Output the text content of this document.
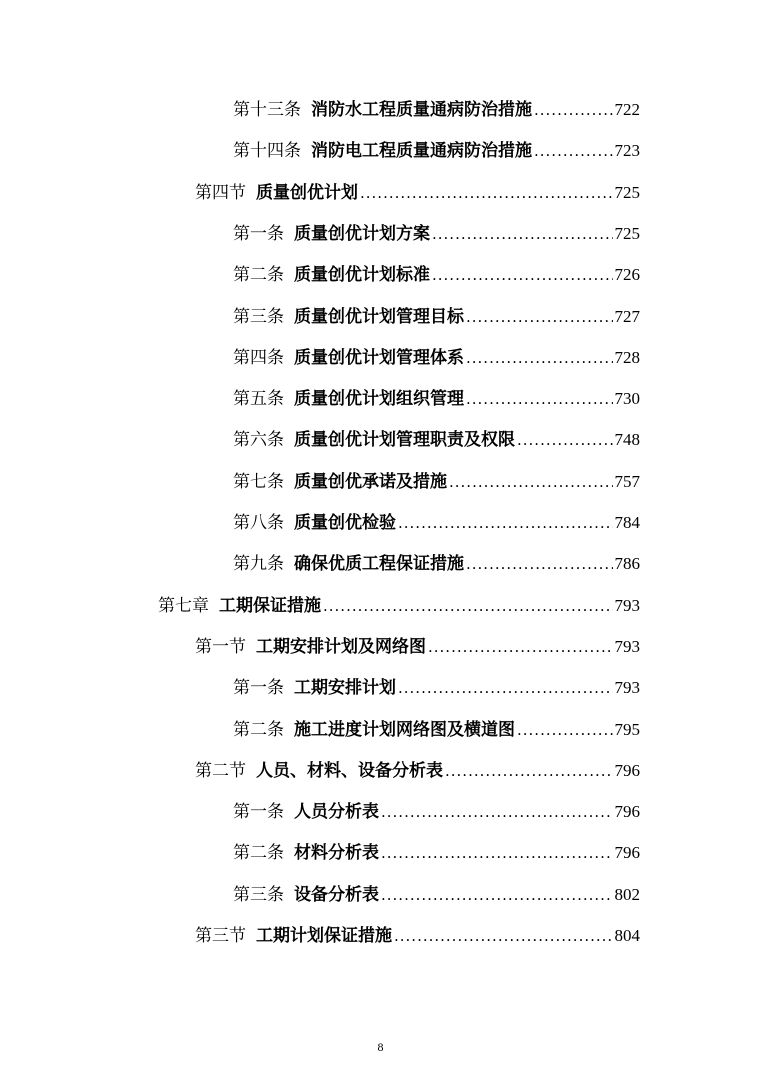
第十三条 消防水工程质量通病防治措施 .....	722
第十四条 消防电工程质量通病防治措施 .....	723
第四节 质量创优计划 .....	725
第一条 质量创优计划方案 .....	725
第二条 质量创优计划标准 .....	726
第三条 质量创优计划管理目标 .....	727
第四条 质量创优计划管理体系 .....	728
第五条 质量创优计划组织管理 .....	730
第六条 质量创优计划管理职责及权限 .....	748
第七条 质量创优承诺及措施 .....	757
第八条 质量创优检验 .....	784
第九条 确保优质工程保证措施 .....	786
第七章 工期保证措施 .....	793
第一节 工期安排计划及网络图 .....	793
第一条 工期安排计划 .....	793
第二条 施工进度计划网络图及横道图 .....	795
第二节 人员、材料、设备分析表 .....	796
第一条 人员分析表 .....	796
第二条 材料分析表 .....	796
第三条 设备分析表 .....	802
第三节 工期计划保证措施 .....	804
8
